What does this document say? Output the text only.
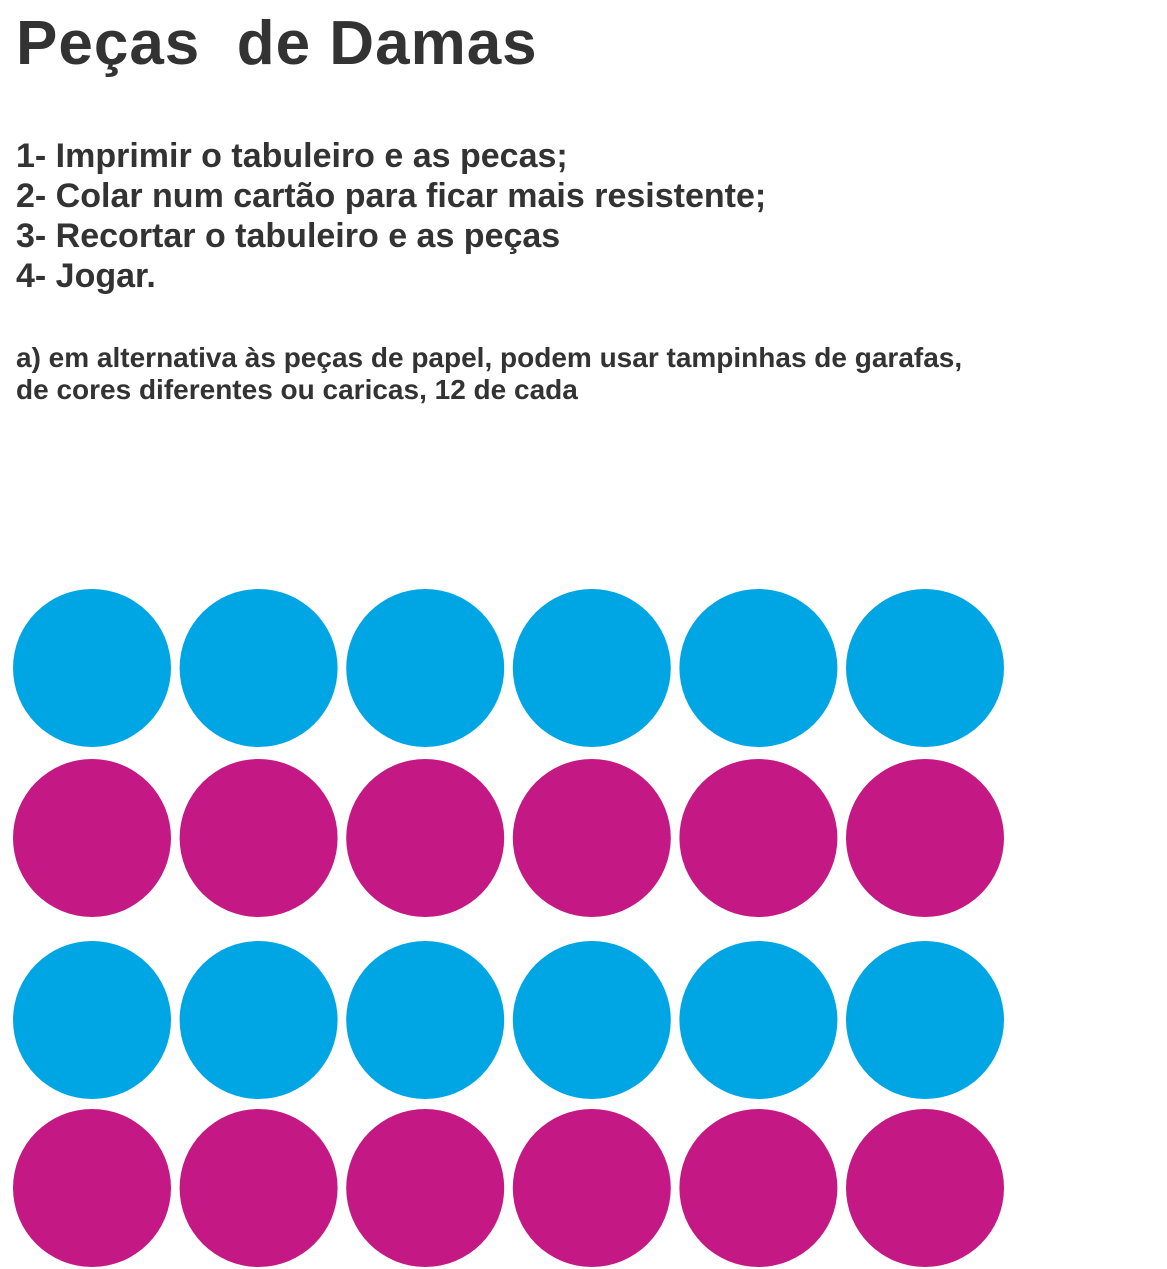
Peças  de Damas
1- Imprimir o tabuleiro e as pecas;
2- Colar num cartão para ficar mais resistente;
3- Recortar o tabuleiro e as peças
4- Jogar.

a) em alternativa às peças de papel, podem usar tampinhas de garafas,
de cores diferentes ou caricas, 12 de cada
